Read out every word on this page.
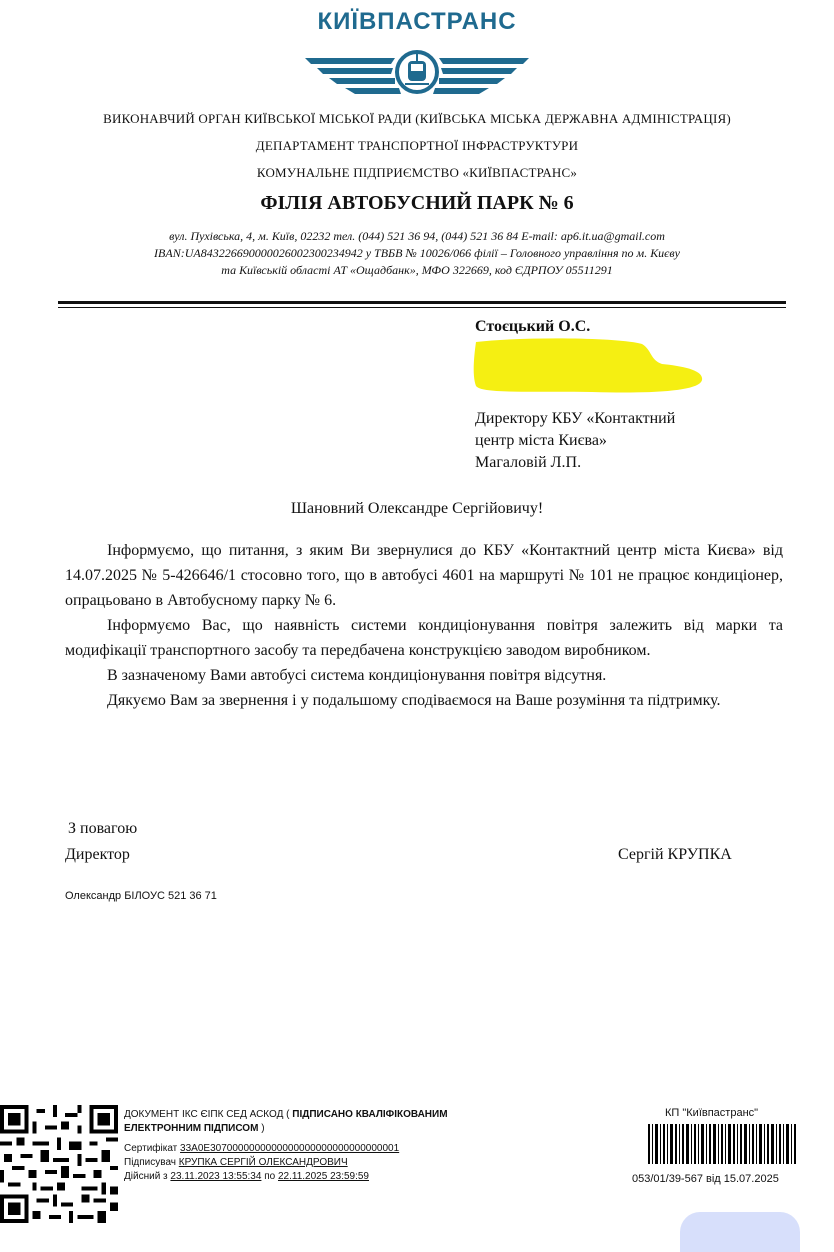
КИЇВПАСТРАНС
ВИКОНАВЧИЙ ОРГАН КИЇВСЬКОЇ МІСЬКОЇ РАДИ (КИЇВСЬКА МІСЬКА ДЕРЖАВНА АДМІНІСТРАЦІЯ)
ДЕПАРТАМЕНТ ТРАНСПОРТНОЇ ІНФРАСТРУКТУРИ
КОМУНАЛЬНЕ ПІДПРИЄМСТВО «КИЇВПАСТРАНС»
ФІЛІЯ АВТОБУСНИЙ ПАРК № 6
вул. Пухівська, 4, м. Київ, 02232 тел. (044) 521 36 94, (044) 521 36 84 E-mail: ap6.it.ua@gmail.com
IBAN:UA843226690000026002300234942 у ТВБВ № 10026/066 філії – Головного управління по м. Києву
та Київській області АТ «Ощадбанк», МФО 322669, код ЄДРПОУ 05511291
Стоєцький О.С.
Директору КБУ «Контактний
центр міста Києва»
Магаловій Л.П.
Шановний Олександре Сергійовичу!

Інформуємо, що питання, з яким Ви звернулися до КБУ «Контактний центр міста Києва» від 14.07.2025 № 5-426646/1 стосовно того, що в автобусі 4601 на маршруті № 101 не працює кондиціонер, опрацьовано в Автобусному парку № 6.

Інформуємо Вас, що наявність системи кондиціонування повітря залежить від марки та модифікації транспортного засобу та передбачена конструкцією заводом виробником.

В зазначеному Вами автобусі система кондиціонування повітря відсутня.

Дякуємо Вам за звернення і у подальшому сподіваємося на Ваше розуміння та підтримку.

З повагою
Директор	Сергій КРУПКА
Олександр БІЛОУС 521 36 71
ДОКУМЕНТ ІКС ЄІПК СЕД АСКОД ( ПІДПИСАНО КВАЛІФІКОВАНИМ
ЕЛЕКТРОННИМ ПІДПИСОМ )
Сертифікат 33A0E3070000000000000000000000000000001
Підписувач КРУПКА СЕРГІЙ ОЛЕКСАНДРОВИЧ
Дійсний з 23.11.2023 13:55:34 по 22.11.2025 23:59:59
КП "Київпастранс"
053/01/39-567 від 15.07.2025
